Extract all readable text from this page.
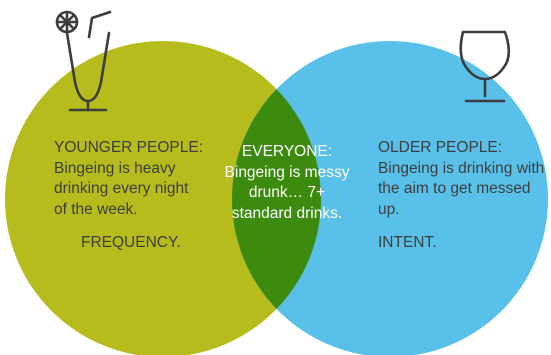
YOUNGER PEOPLE:
Bingeing is heavy drinking every night of the week.
FREQUENCY.
EVERYONE:
Bingeing is messy drunk… 7+ standard drinks.
OLDER PEOPLE:
Bingeing is drinking with the aim to get messed up.
INTENT.
